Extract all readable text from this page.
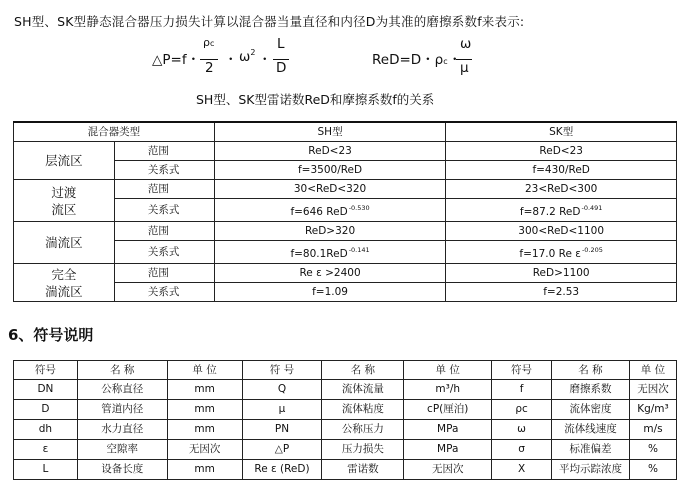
SH型、SK型静态混合器压力损失计算以混合器当量直径和内径D为其准的磨擦系数f来表示:
△P=f・
ρc
2 ・ $\omega^2$ ・
L
D	ReD=D・ρc ・
ω
μ
SH型、SK型雷诺数ReD和摩擦系数f的关系
混合器类型		SH型	SK型
层流区	范围	ReD<23	ReD<23
	关系式	f=3500/ReD	f=430/ReD
过渡
流区	范围	30<ReD<320	23<ReD<300
	关系式	f=646 ReD$^{-0.530}$	f=87.2 ReD$^{-0.491}$
湍流区	范围	ReD>320	300<ReD<1100
	关系式	f=80.1ReD$^{-0.141}$	f=17.0 Re $\varepsilon^{-0.205}$
完全
湍流区	范围	Re ε >2400	ReD>1100
	关系式	f=1.09	f=2.53
6、符号说明
符号	名 称	单 位	符 号	名 称	单 位	符号	名 称	单 位
DN	公称直径	mm	Q	流体流量	m³/h	f	磨擦系数	无因次
D	管道内径	mm	μ	流体粘度	cP(厘泊)	ρc	流体密度	Kg/m³
dh	水力直径	mm	PN	公称压力	MPa	ω	流体线速度	m/s
ε	空隙率	无因次	△P	压力损失	MPa	σ	标准偏差	%
L	设备长度	mm	Re ε (ReD)	雷诺数	无因次	X	平均示踪浓度	%
